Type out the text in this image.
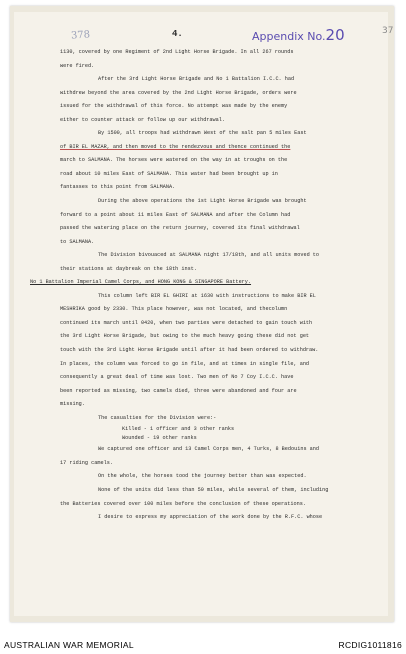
378	4.	Appendix No.20	37

1130, covered by one Regiment of 2nd Light Horse Brigade. In all 267 rounds

were fired.

After the 3rd Light Horse Brigade and No 1 Battalion I.C.C. had

withdrew beyond the area covered by the 2nd Light Horse Brigade, orders were

issued for the withdrawal of this force. No attempt was made by the enemy

either to counter attack or follow up our withdrawal.

By 1500, all troops had withdrawn West of the salt pan 5 miles East

of BIR EL MAZAR, and then moved to the rendezvous and thence continued the

march to SALMANA. The horses were watered on the way in at troughs on the

road about 10 miles East of SALMANA. This water had been brought up in

fantasses to this point from SALMANA.

During the above operations the 1st Light Horse Brigade was brought

forward to a point about 11 miles East of SALMANA and after the Column had

passed the watering place on the return journey, covered its final withdrawal

to SALMANA.

The Division bivouaced at SALMANA night 17/18th, and all units moved to

their stations at daybreak on the 18th inst.

No 1 Battalion Imperial Camel Corps, and HONG KONG & SINGAPORE Battery.

This column left BIR EL GHIRI at 1630 with instructions to make BIR EL

MESHRIKA good by 2330. This place however, was not located, and thecolumn

continued its march until 0420, when two parties were detached to gain touch with

the 3rd Light Horse Brigade, but owing to the much heavy going these did not get

touch with the 3rd Light Horse Brigade until after it had been ordered to withdraw.

In places, the column was forced to go in file, and at times in single file, and

consequently a great deal of time was lost. Two men of No 7 Coy I.C.C. have

been reported as missing, two camels died, three were abandoned and four are

missing.

The casualties for the Division were:-

Killed - 1 officer and 3 other ranks

Wounded - 19 other ranks

We captured one officer and 13 Camel Corps men, 4 Turks, 8 Bedouins and

17 riding camels.

On the whole, the horses tood the journey better than was expected.

None of the units did less than 50 miles, while several of them, including

the Batteries covered over 100 miles before the conclusion of these operations.

I desire to express my appreciation of the work done by the R.F.C. whose

AUSTRALIAN WAR MEMORIAL	RCDIG1011816
